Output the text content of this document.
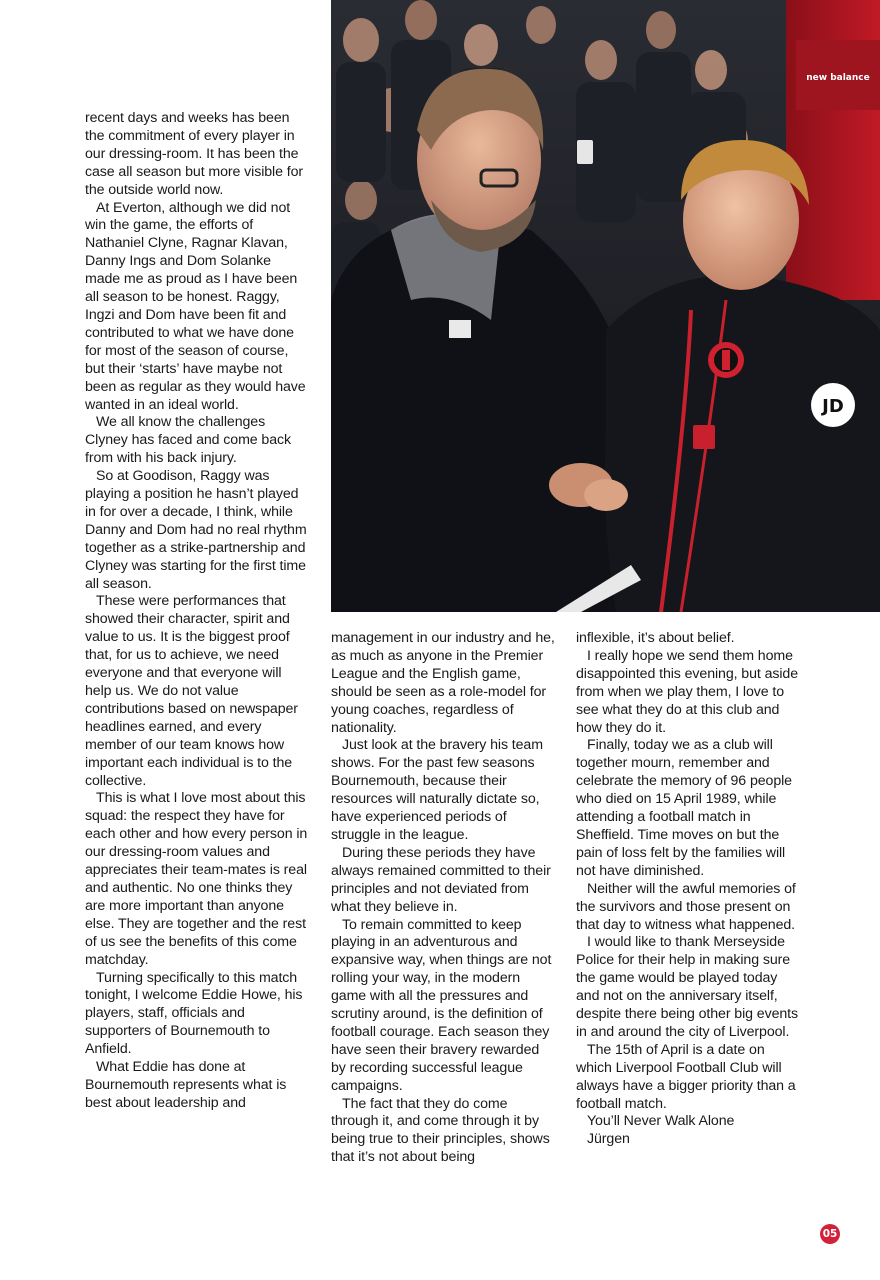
recent days and weeks has been the commitment of every player in our dressing-room. It has been the case all season but more visible for the outside world now.

At Everton, although we did not win the game, the efforts of Nathaniel Clyne, Ragnar Klavan, Danny Ings and Dom Solanke made me as proud as I have been all season to be honest. Raggy, Ingzi and Dom have been fit and contributed to what we have done for most of the season of course, but their ‘starts’ have maybe not been as regular as they would have wanted in an ideal world.

We all know the challenges Clyney has faced and come back from with his back injury.

So at Goodison, Raggy was playing a position he hasn’t played in for over a decade, I think, while Danny and Dom had no real rhythm together as a strike-partnership and Clyney was starting for the first time all season.

These were performances that showed their character, spirit and value to us. It is the biggest proof that, for us to achieve, we need everyone and that everyone will help us. We do not value contributions based on newspaper headlines earned, and every member of our team knows how important each individual is to the collective.

This is what I love most about this squad: the respect they have for each other and how every person in our dressing-room values and appreciates their team-mates is real and authentic. No one thinks they are more important than anyone else. They are together and the rest of us see the benefits of this come matchday.

Turning specifically to this match tonight, I welcome Eddie Howe, his players, staff, officials and supporters of Bournemouth to Anfield.

What Eddie has done at Bournemouth represents what is best about leadership and

new balance
JD

management in our industry and he, as much as anyone in the Premier League and the English game, should be seen as a role-model for young coaches, regardless of nationality.

Just look at the bravery his team shows. For the past few seasons Bournemouth, because their resources will naturally dictate so, have experienced periods of struggle in the league.

During these periods they have always remained committed to their principles and not deviated from what they believe in.

To remain committed to keep playing in an adventurous and expansive way, when things are not rolling your way, in the modern game with all the pressures and scrutiny around, is the definition of football courage. Each season they have seen their bravery rewarded by recording successful league campaigns.

The fact that they do come through it, and come through it by being true to their principles, shows that it’s not about being

inflexible, it’s about belief.

I really hope we send them home disappointed this evening, but aside from when we play them, I love to see what they do at this club and how they do it.

Finally, today we as a club will together mourn, remember and celebrate the memory of 96 people who died on 15 April 1989, while attending a football match in Sheffield. Time moves on but the pain of loss felt by the families will not have diminished.

Neither will the awful memories of the survivors and those present on that day to witness what happened.

I would like to thank Merseyside Police for their help in making sure the game would be played today and not on the anniversary itself, despite there being other big events in and around the city of Liverpool.

The 15th of April is a date on which Liverpool Football Club will always have a bigger priority than a football match.

You’ll Never Walk Alone

Jürgen

05
